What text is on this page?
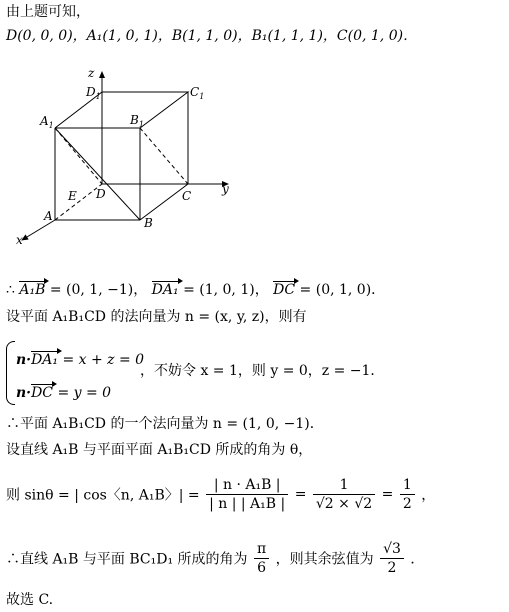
由上题可知，
D(0, 0, 0)，A₁(1, 0, 1)，B(1, 1, 0)，B₁(1, 1, 1)，C(0, 1, 0)．
z
y
x
$D_1$	$C_1$
$A_1$	$B_1$
E D	C
A	B
∴ A₁B = (0, 1, −1)， DA₁ = (1, 0, 1)， DC = (0, 1, 0)．
设平面 A₁B₁CD 的法向量为 n = (x, y, z)，则有
n·DA₁ = x + z = 0
，不妨令 x = 1，则 y = 0，z = −1．
n·DC = y = 0
∴平面 A₁B₁CD 的一个法向量为 n = (1, 0, −1)．
设直线 A₁B 与平面平面 A₁B₁CD 所成的角为 θ，
则 sinθ = | cos〈n, A₁B〉| = $\frac{\text{| n · A₁B |}}{\text{| n | | A₁B |}} = \frac{1}{√2 \times √2} = \frac{1}{2}$ ，
∴直线 A₁B 与平面 BC₁D₁ 所成的角为 $\frac{\pi}{6}$ ，则其余弦值为 $\frac{√3}{2}$ ．
故选 C.
